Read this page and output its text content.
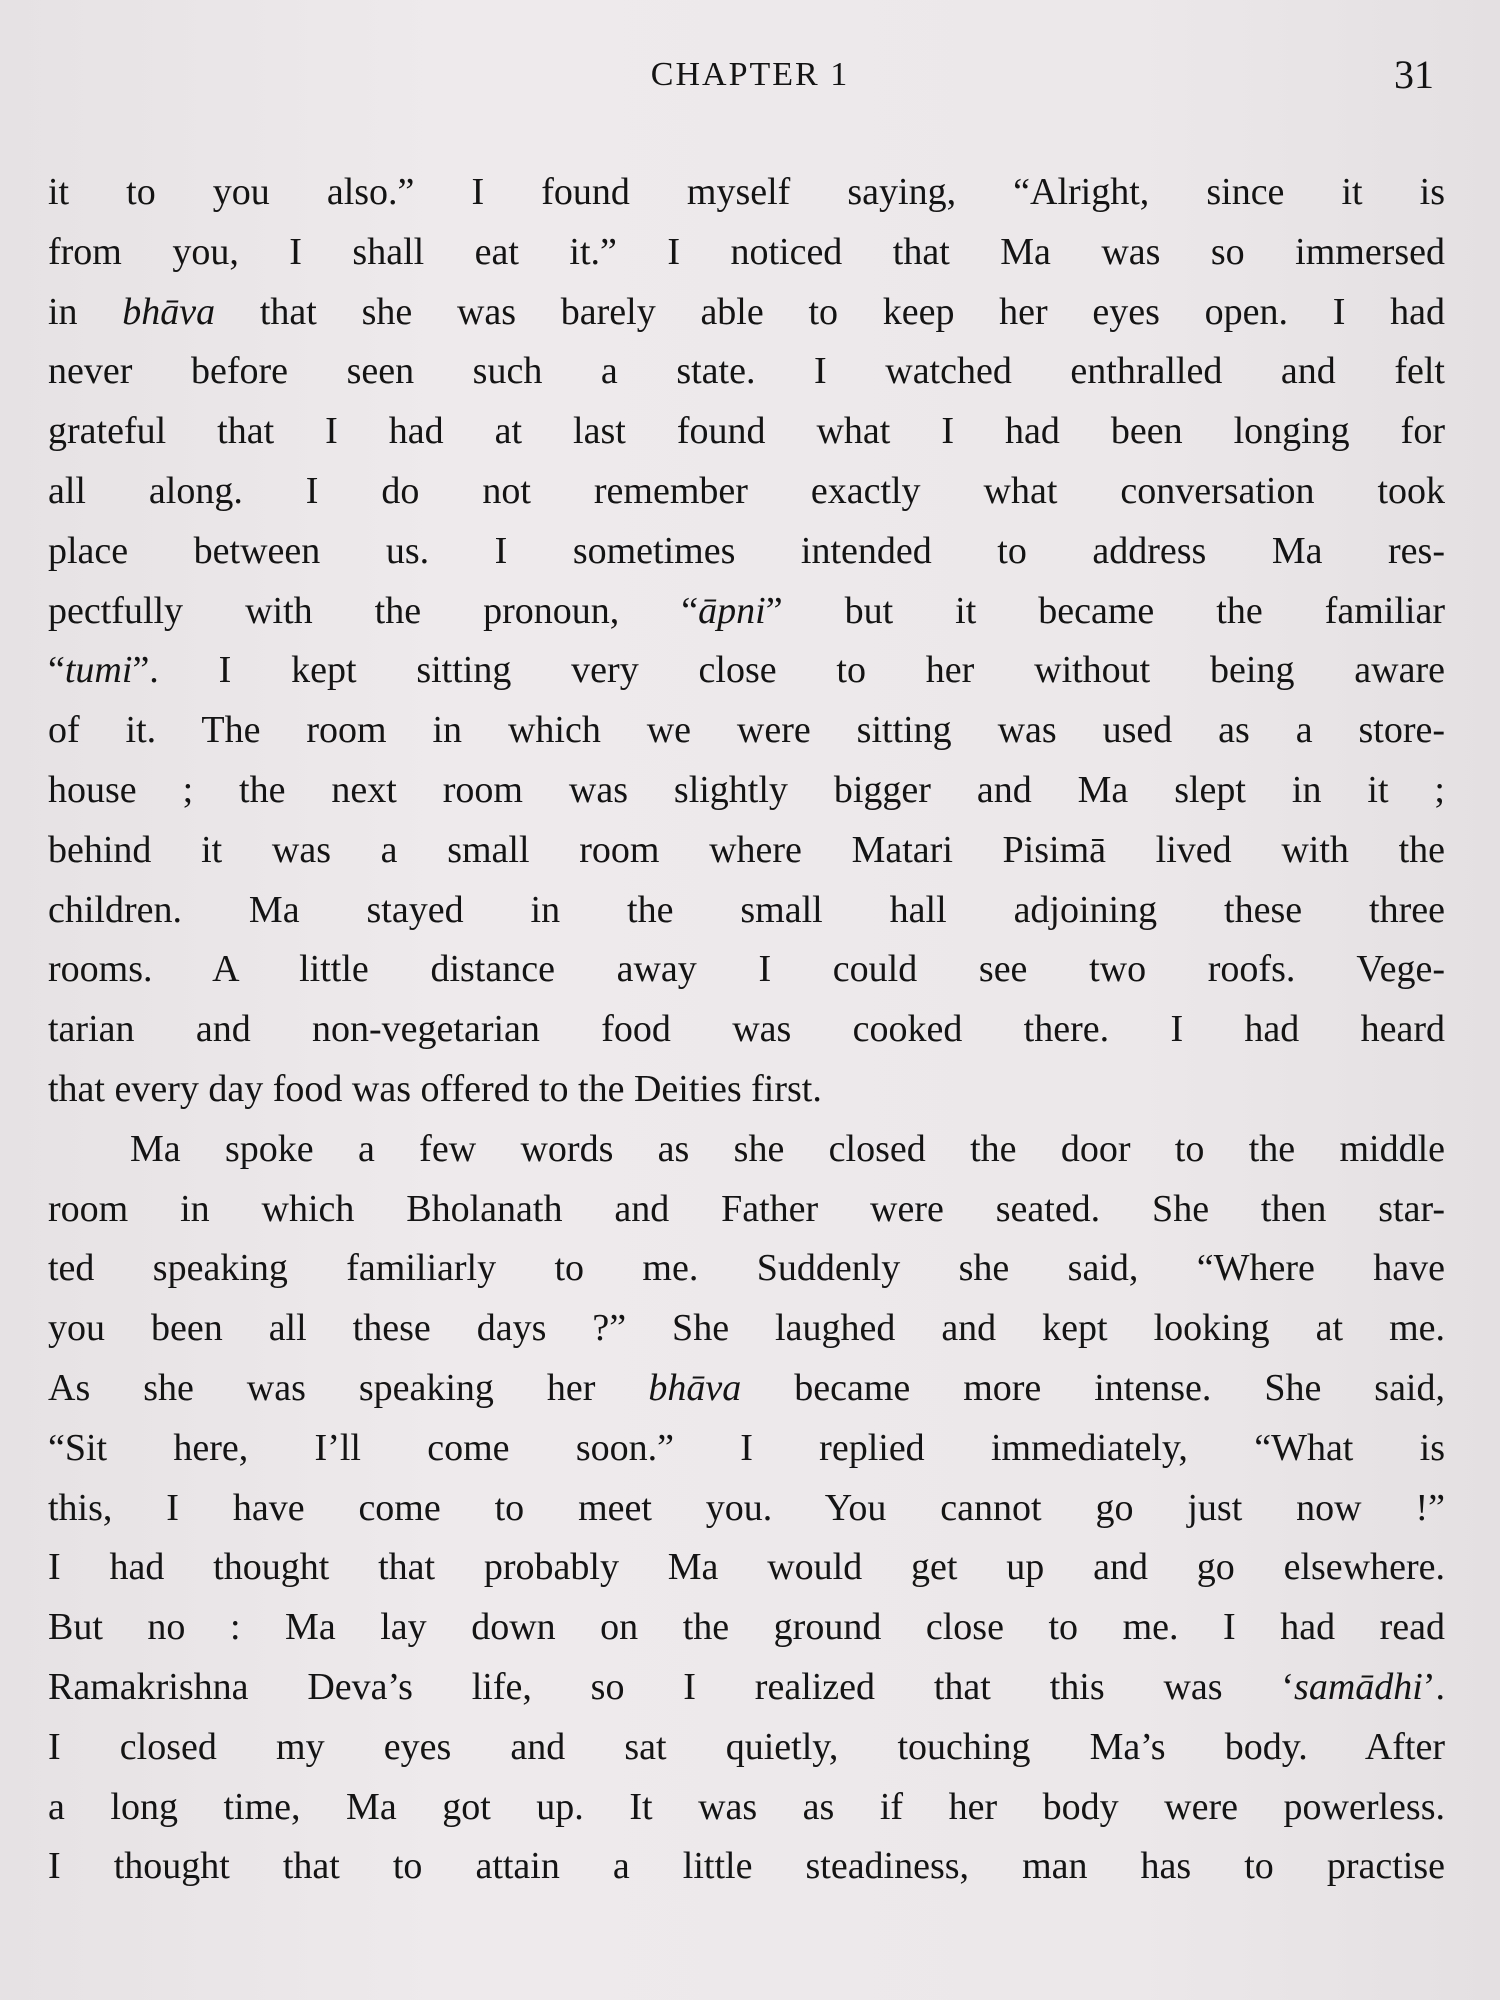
CHAPTER 1	31
it to you also.” I found myself saying, “Alright, since it is
from you, I shall eat it.” I noticed that Ma was so immersed
in bhāva that she was barely able to keep her eyes open. I had
never before seen such a state. I watched enthralled and felt
grateful that I had at last found what I had been longing for
all along. I do not remember exactly what conversation took
place between us. I sometimes intended to address Ma res-
pectfully with the pronoun, “āpni” but it became the familiar
“tumi”. I kept sitting very close to her without being aware
of it. The room in which we were sitting was used as a store-
house ; the next room was slightly bigger and Ma slept in it ;
behind it was a small room where Matari Pisimā lived with the
children. Ma stayed in the small hall adjoining these three
rooms. A little distance away I could see two roofs. Vege-
tarian and non-vegetarian food was cooked there. I had heard
that every day food was offered to the Deities first.
Ma spoke a few words as she closed the door to the middle
room in which Bholanath and Father were seated. She then star-
ted speaking familiarly to me. Suddenly she said, “Where have
you been all these days ?” She laughed and kept looking at me.
As she was speaking her bhāva became more intense. She said,
“Sit here, I’ll come soon.” I replied immediately, “What is
this, I have come to meet you. You cannot go just now !”
I had thought that probably Ma would get up and go elsewhere.
But no : Ma lay down on the ground close to me. I had read
Ramakrishna Deva’s life, so I realized that this was ‘samādhi’.
I closed my eyes and sat quietly, touching Ma’s body. After
a long time, Ma got up. It was as if her body were powerless.
I thought that to attain a little steadiness, man has to practise
